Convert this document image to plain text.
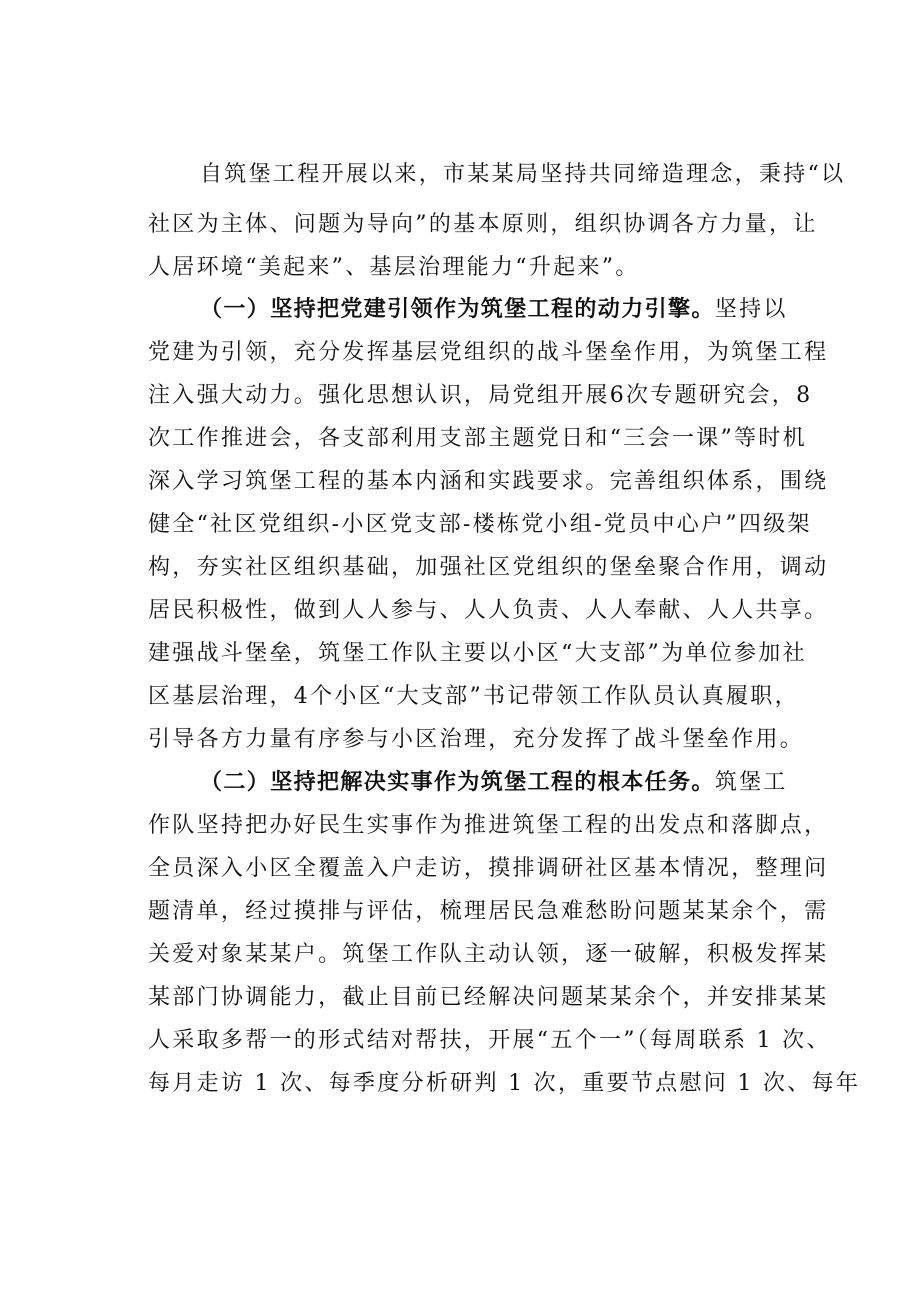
自筑堡工程开展以来，市某某局坚持共同缔造理念，秉持“以
社区为主体、问题为导向”的基本原则，组织协调各方力量，让
人居环境“美起来”、基层治理能力“升起来”。
（一）坚持把党建引领作为筑堡工程的动力引擎。坚持以
党建为引领，充分发挥基层党组织的战斗堡垒作用，为筑堡工程
注入强大动力。强化思想认识，局党组开展6次专题研究会，8
次工作推进会，各支部利用支部主题党日和“三会一课”等时机
深入学习筑堡工程的基本内涵和实践要求。完善组织体系，围绕
健全“社区党组织-小区党支部-楼栋党小组-党员中心户”四级架
构，夯实社区组织基础，加强社区党组织的堡垒聚合作用，调动
居民积极性，做到人人参与、人人负责、人人奉献、人人共享。
建强战斗堡垒，筑堡工作队主要以小区“大支部”为单位参加社
区基层治理，4个小区“大支部”书记带领工作队员认真履职，
引导各方力量有序参与小区治理，充分发挥了战斗堡垒作用。
（二）坚持把解决实事作为筑堡工程的根本任务。筑堡工
作队坚持把办好民生实事作为推进筑堡工程的出发点和落脚点，
全员深入小区全覆盖入户走访，摸排调研社区基本情况，整理问
题清单，经过摸排与评估，梳理居民急难愁盼问题某某余个，需
关爱对象某某户。筑堡工作队主动认领，逐一破解，积极发挥某
某部门协调能力，截止目前已经解决问题某某余个，并安排某某
人采取多帮一的形式结对帮扶，开展“五个一”（每周联系 1 次、
每月走访 1 次、每季度分析研判 1 次，重要节点慰问 1 次、每年
